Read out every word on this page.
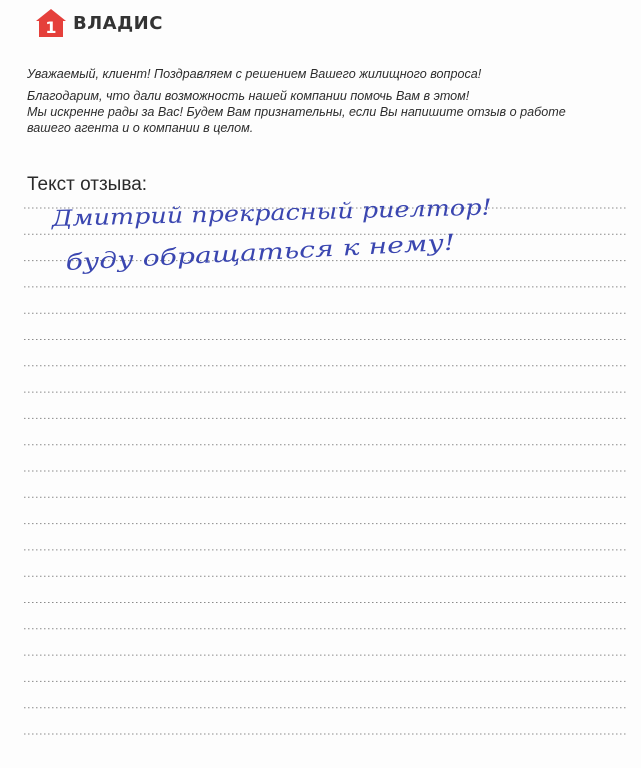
1 ВЛАДИС

Уважаемый, клиент! Поздравляем с решением Вашего жилищного вопроса!

Благодарим, что дали возможность нашей компании помочь Вам в этом!

Мы искренне рады за Вас! Будем Вам признательны, если Вы напишите отзыв о работе

вашего агента и о компании в целом.

Текст отзыва:
Дмитрий прекрасный риелтор!
буду обращаться к нему!
